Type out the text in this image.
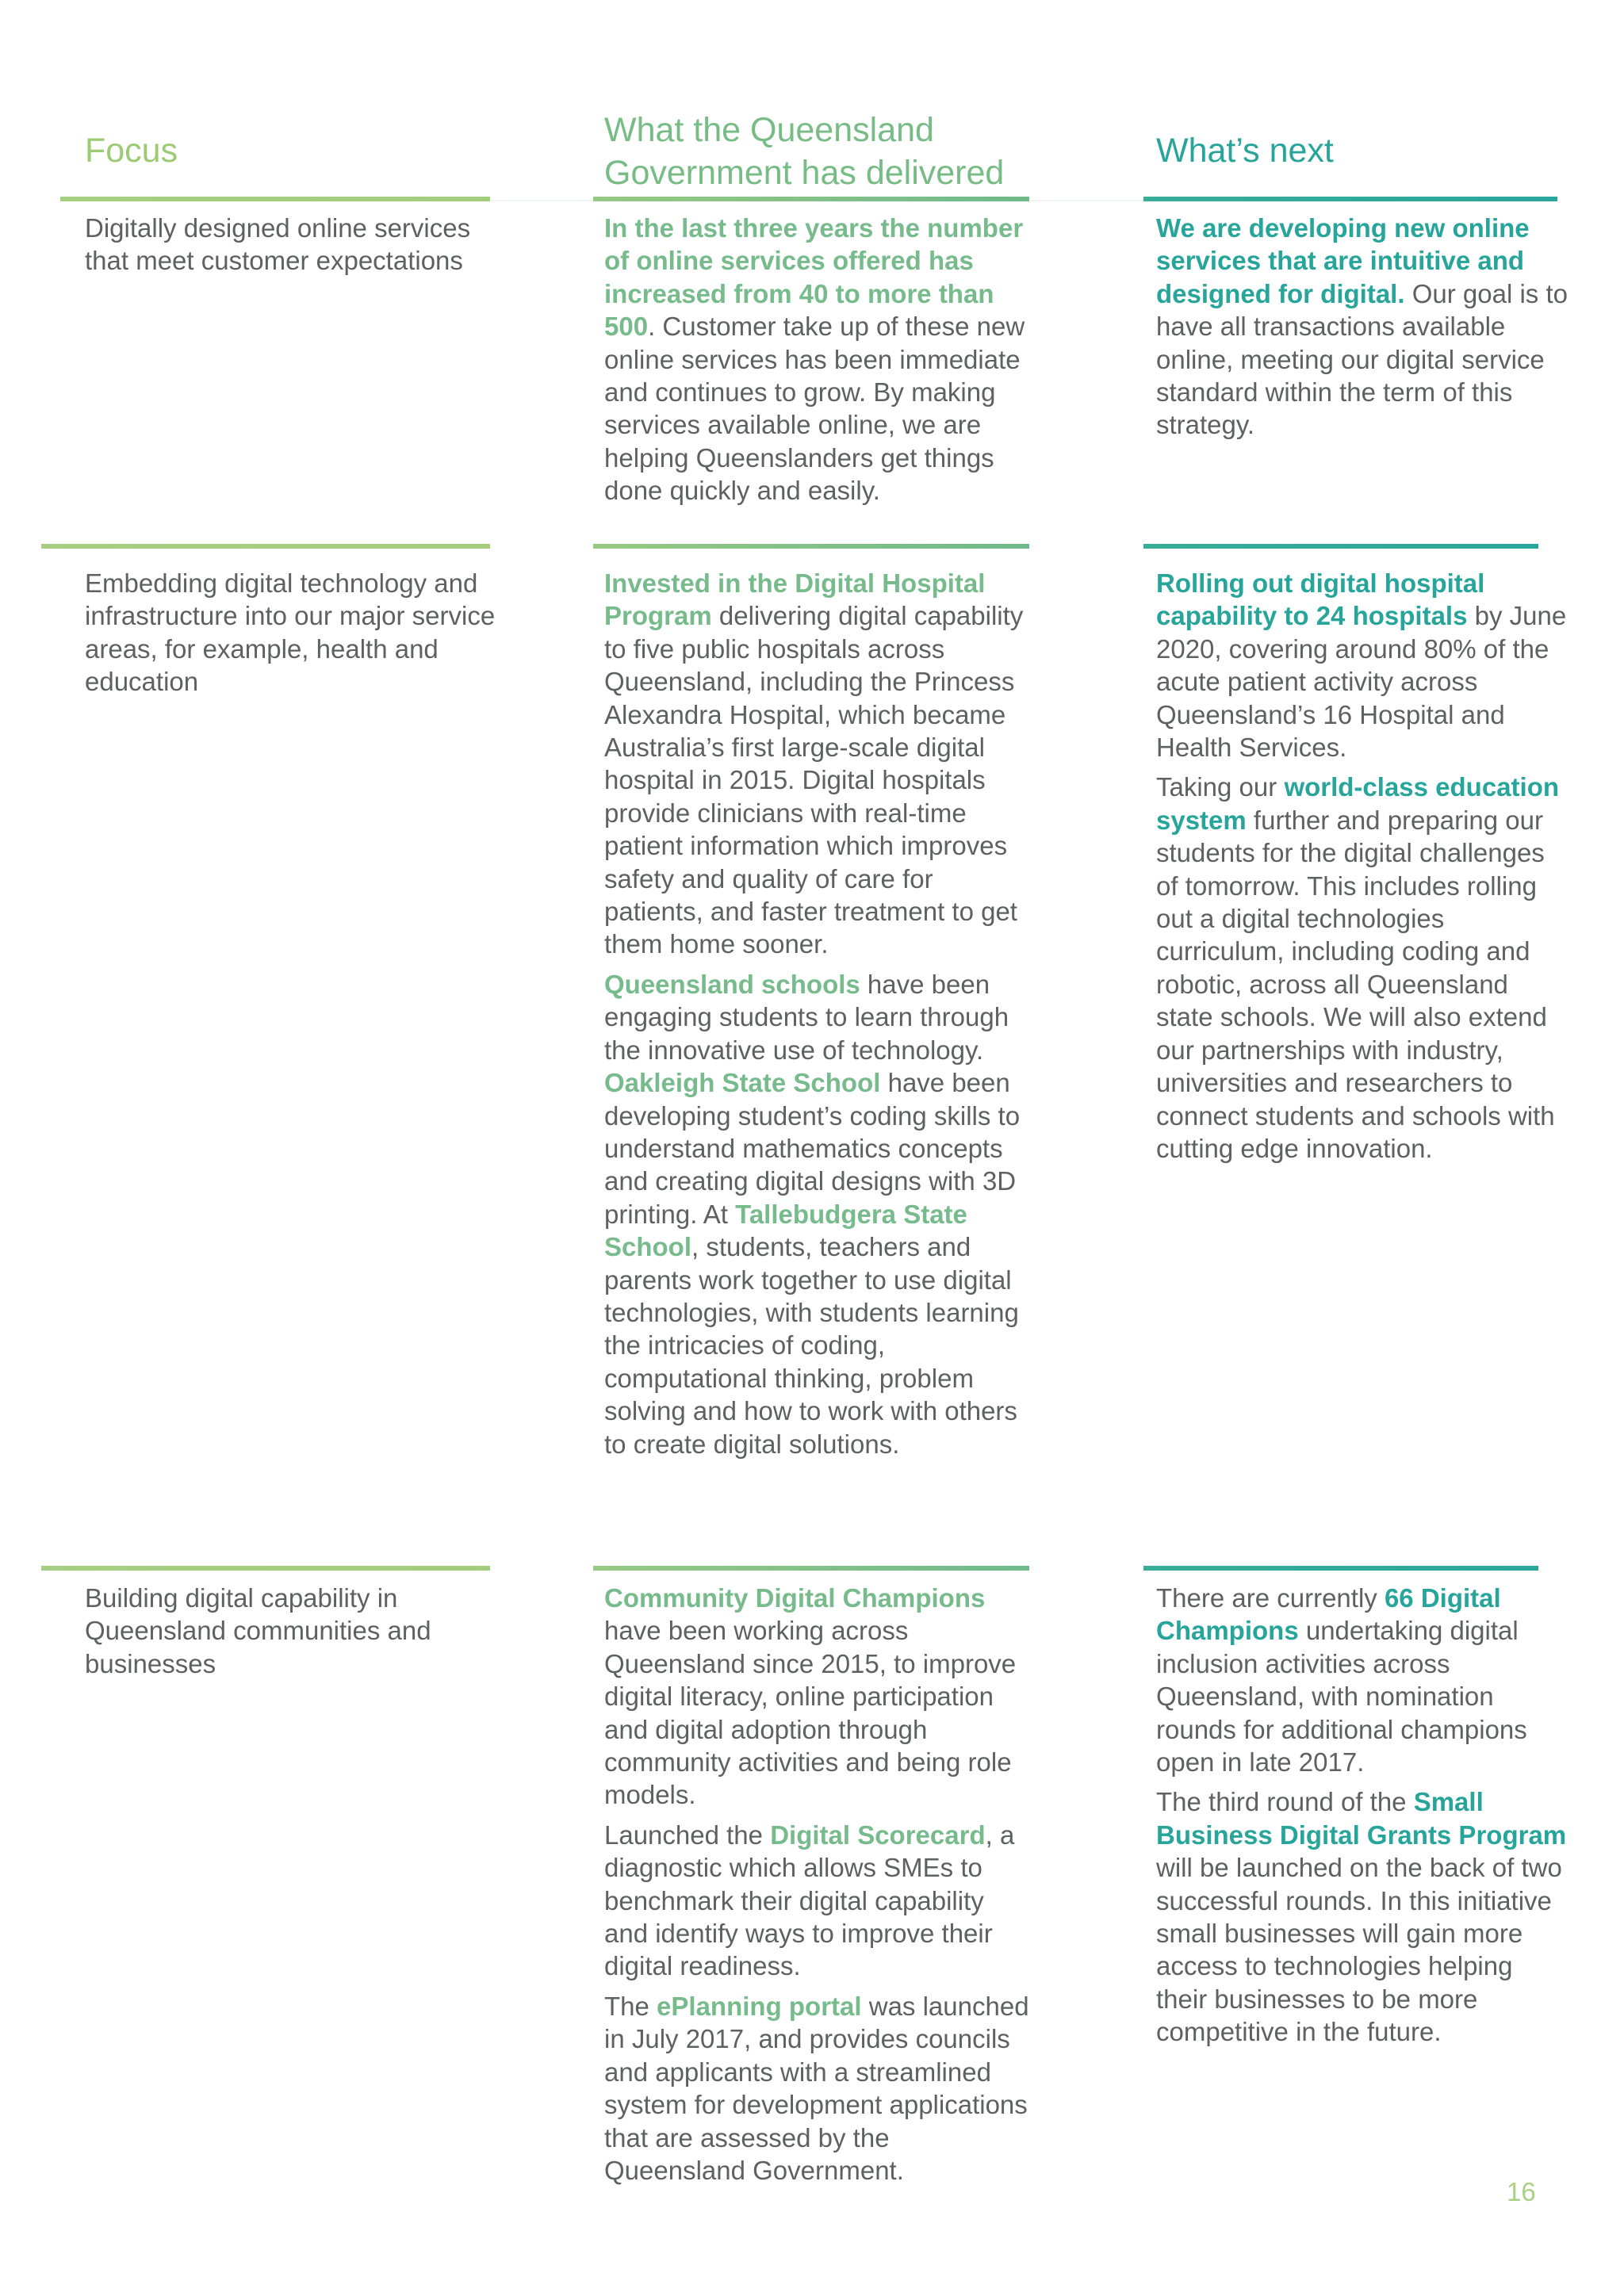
Focus
What the Queensland
Government has delivered
What’s next
Digitally designed online services that meet customer expectations

In the last three years the number of online services offered has increased from 40 to more than 500. Customer take up of these new online services has been immediate and continues to grow. By making services available online, we are helping Queenslanders get things done quickly and easily.

We are developing new online services that are intuitive and designed for digital. Our goal is to have all transactions available online, meeting our digital service standard within the term of this strategy.

Embedding digital technology and infrastructure into our major service areas, for example, health and education

Invested in the Digital Hospital Program delivering digital capability to five public hospitals across Queensland, including the Princess Alexandra Hospital, which became Australia’s first large-scale digital hospital in 2015. Digital hospitals provide clinicians with real-time patient information which improves safety and quality of care for patients, and faster treatment to get them home sooner.

Queensland schools have been engaging students to learn through the innovative use of technology. Oakleigh State School have been developing student’s coding skills to understand mathematics concepts and creating digital designs with 3D printing. At Tallebudgera State School, students, teachers and parents work together to use digital technologies, with students learning the intricacies of coding, computational thinking, problem solving and how to work with others to create digital solutions.

Rolling out digital hospital capability to 24 hospitals by June 2020, covering around 80% of the acute patient activity across Queensland’s 16 Hospital and Health Services.

Taking our world-class education system further and preparing our students for the digital challenges of tomorrow. This includes rolling out a digital technologies curriculum, including coding and robotic, across all Queensland state schools. We will also extend our partnerships with industry, universities and researchers to connect students and schools with cutting edge innovation.

Building digital capability in Queensland communities and businesses

Community Digital Champions have been working across Queensland since 2015, to improve digital literacy, online participation and digital adoption through community activities and being role models.

Launched the Digital Scorecard, a diagnostic which allows SMEs to benchmark their digital capability and identify ways to improve their digital readiness.

The ePlanning portal was launched in July 2017, and provides councils and applicants with a streamlined system for development applications that are assessed by the Queensland Government.

There are currently 66 Digital Champions undertaking digital inclusion activities across Queensland, with nomination rounds for additional champions open in late 2017.

The third round of the Small Business Digital Grants Program will be launched on the back of two successful rounds. In this initiative small businesses will gain more access to technologies helping their businesses to be more competitive in the future.

16
